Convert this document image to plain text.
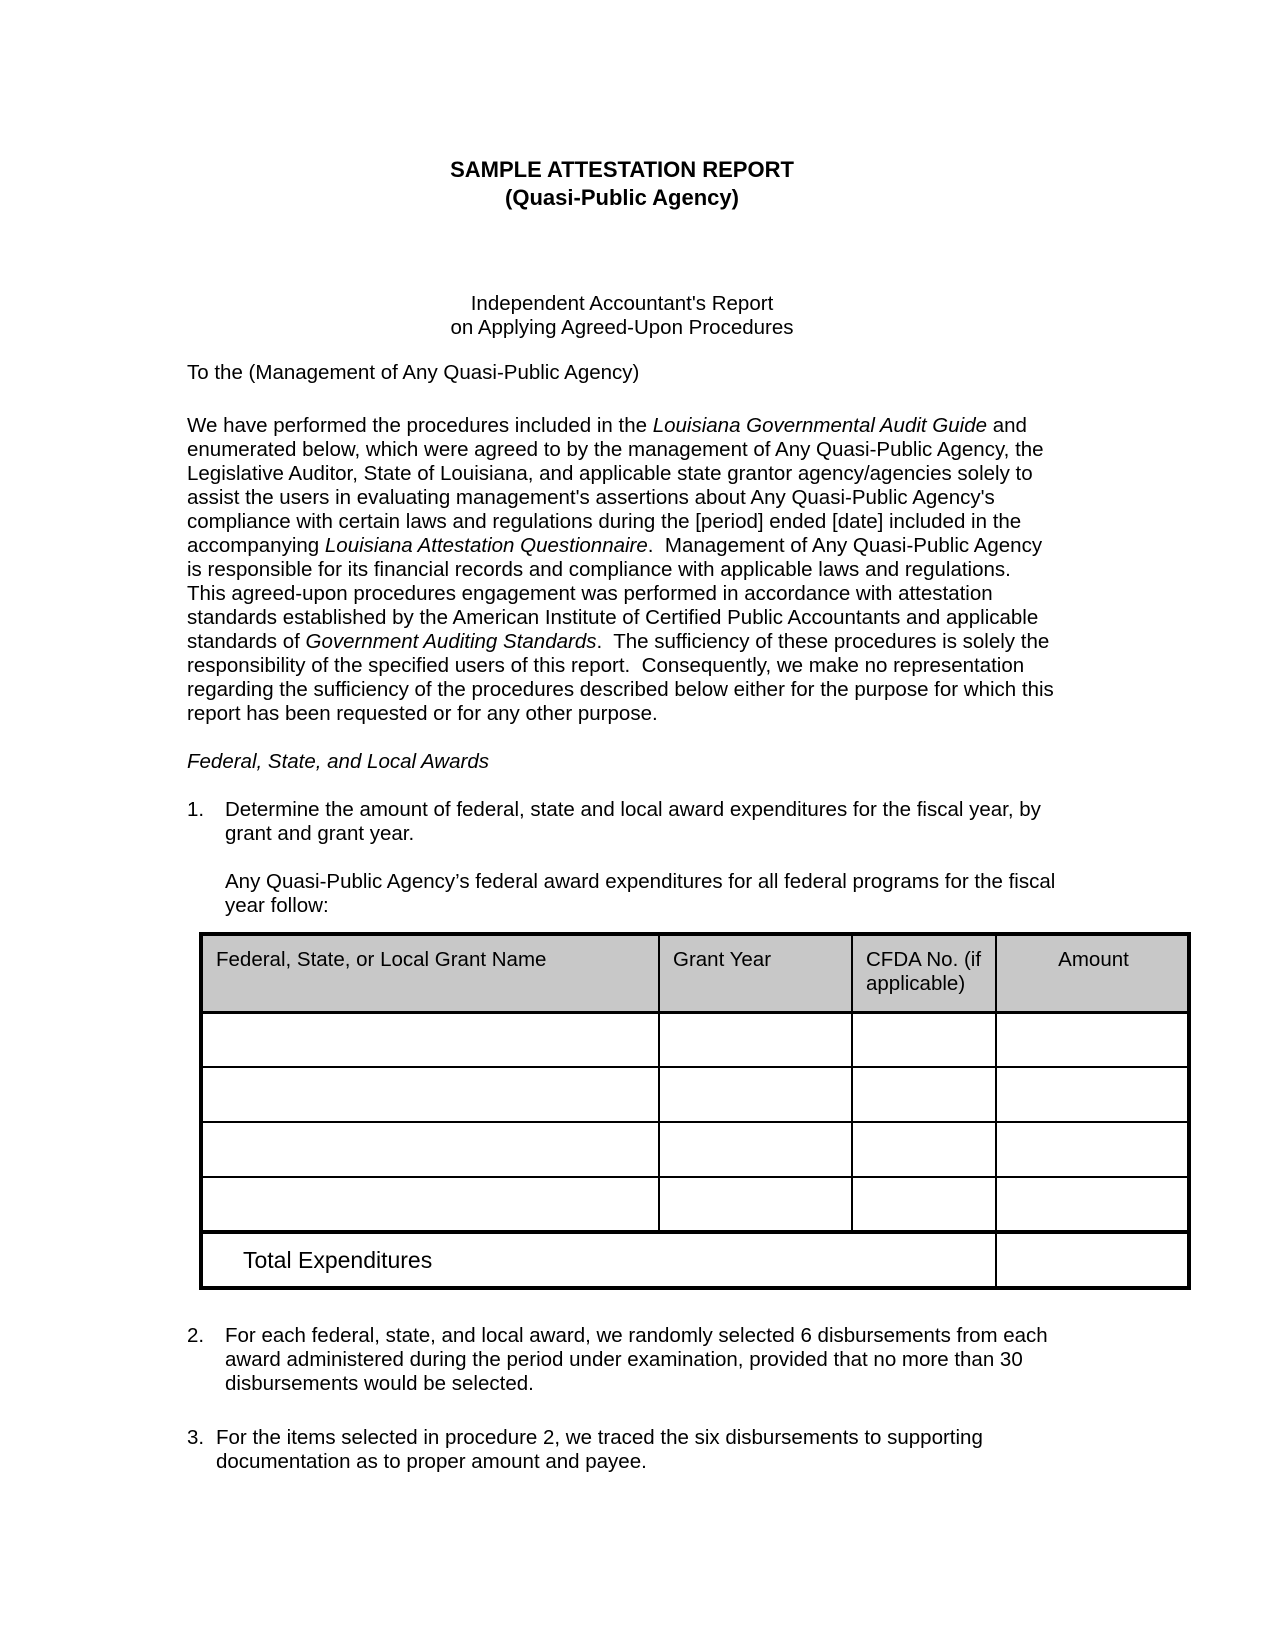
SAMPLE ATTESTATION REPORT
(Quasi-Public Agency)
Independent Accountant's Report
on Applying Agreed-Upon Procedures
To the (Management of Any Quasi-Public Agency)

We have performed the procedures included in the Louisiana Governmental Audit Guide and enumerated below, which were agreed to by the management of Any Quasi-Public Agency, the Legislative Auditor, State of Louisiana, and applicable state grantor agency/agencies solely to assist the users in evaluating management's assertions about Any Quasi-Public Agency's compliance with certain laws and regulations during the [period] ended [date] included in the accompanying Louisiana Attestation Questionnaire.  Management of Any Quasi-Public Agency is responsible for its financial records and compliance with applicable laws and regulations.  This agreed-upon procedures engagement was performed in accordance with attestation standards established by the American Institute of Certified Public Accountants and applicable standards of Government Auditing Standards.  The sufficiency of these procedures is solely the responsibility of the specified users of this report.  Consequently, we make no representation regarding the sufficiency of the procedures described below either for the purpose for which this report has been requested or for any other purpose.

Federal, State, and Local Awards
1.	Determine the amount of federal, state and local award expenditures for the fiscal year, by grant and grant year.
Any Quasi-Public Agency’s federal award expenditures for all federal programs for the fiscal year follow:
Federal, State, or Local Grant Name	Grant Year	CFDA No. (if applicable)	Amount

Total Expenditures			
2.	For each federal, state, and local award, we randomly selected 6 disbursements from each award administered during the period under examination, provided that no more than 30 disbursements would be selected.
3. For the items selected in procedure 2, we traced the six disbursements to supporting documentation as to proper amount and payee.
